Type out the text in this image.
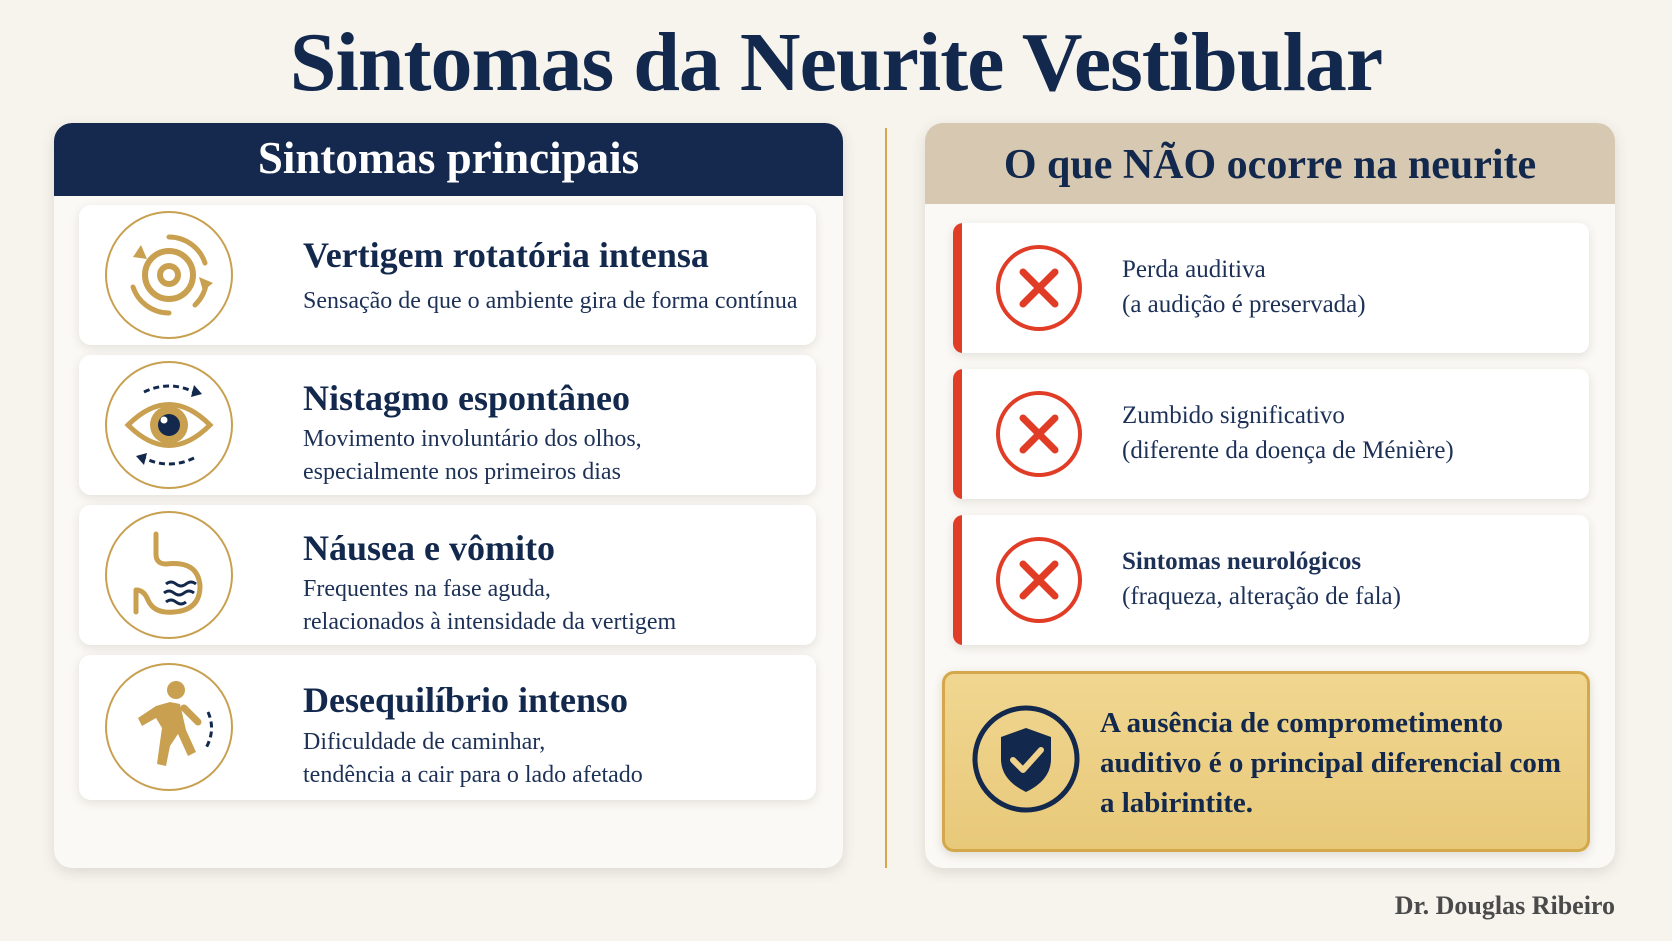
Sintomas da Neurite Vestibular
Sintomas principais
Vertigem rotatória intensa
Sensação de que o ambiente gira de forma contínua
Nistagmo espontâneo
Movimento involuntário dos olhos,
especialmente nos primeiros dias
Náusea e vômito
Frequentes na fase aguda,
relacionados à intensidade da vertigem
Desequilíbrio intenso
Dificuldade de caminhar,
tendência a cair para o lado afetado
O que NÃO ocorre na neurite
Perda auditiva
(a audição é preservada)
Zumbido significativo
(diferente da doença de Ménière)
Sintomas neurológicos
(fraqueza, alteração de fala)
A ausência de comprometimento auditivo é o principal diferencial com a labirintite.
Dr. Douglas Ribeiro
